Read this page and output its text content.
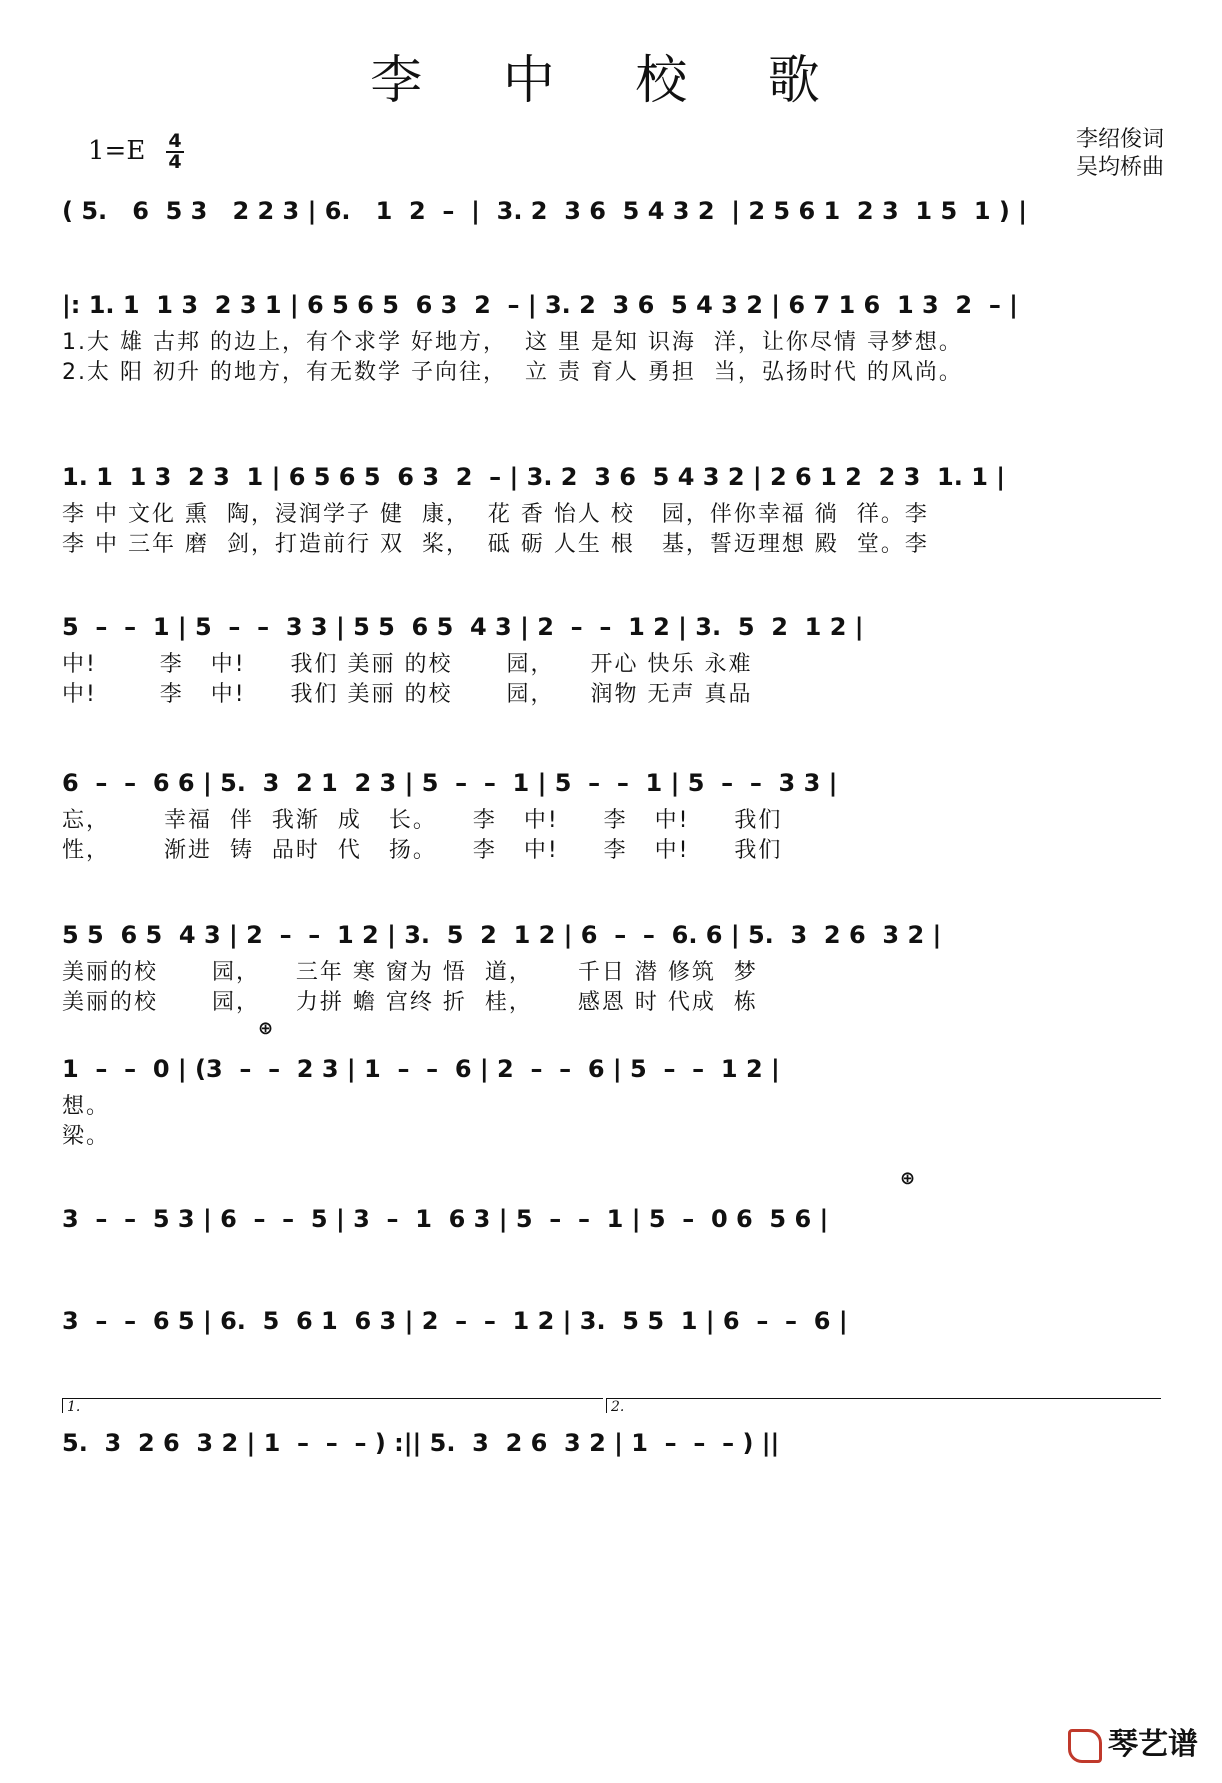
李 中 校 歌
1=E 4
4
李绍俊词
吴均桥曲
( 5.   6  5 3   2 2 3 | 6.   1  2  –  |  3. 2  3 6  5 4 3 2  | 2 5 6 1  2 3  1 5  1 ) |
|: 1. 1  1 3  2 3 1 | 6 5 6 5  6 3  2  – | 3. 2  3 6  5 4 3 2 | 6 7 1 6  1 3  2  – |
1.大 雄 古邦 的边上，有个求学 好地方，  这 里 是知 识海  洋，让你尽情 寻梦想。
2.太 阳 初升 的地方，有无数学 子向往，  立 责 育人 勇担  当，弘扬时代 的风尚。
1. 1  1 3  2 3  1 | 6 5 6 5  6 3  2  – | 3. 2  3 6  5 4 3 2 | 2 6 1 2  2 3  1. 1 |
李 中 文化 熏  陶，浸润学子 健  康，  花 香 怡人 校   园，伴你幸福 徜  徉。李
李 中 三年 磨  剑，打造前行 双  桨，  砥 砺 人生 根   基，誓迈理想 殿  堂。李
5  –  –  1 | 5  –  –  3 3 | 5 5  6 5  4 3 | 2  –  –  1 2 | 3.  5  2  1 2 |
中!       李   中!     我们 美丽 的校      园，    开心 快乐 永难
中!       李   中!     我们 美丽 的校      园，    润物 无声 真品
6  –  –  6 6 | 5.  3  2 1  2 3 | 5  –  –  1 | 5  –  –  1 | 5  –  –  3 3 |
忘，      幸福  伴  我渐  成   长。    李   中!     李   中!     我们
性，      渐进  铸  品时  代   扬。    李   中!     李   中!     我们
5 5  6 5  4 3 | 2  –  –  1 2 | 3.  5  2  1 2 | 6  –  –  6. 6 | 5.  3  2 6  3 2 |
美丽的校      园，    三年 寒 窗为 悟  道，     千日 潜 修筑  梦
美丽的校      园，    力拼 蟾 宫终 折  桂，     感恩 时 代成  栋
1  –  –  0 | (3  –  –  2 3 | 1  –  –  6 | 2  –  –  6 | 5  –  –  1 2 |
想。
梁。
3  –  –  5 3 | 6  –  –  5 | 3  –  1  6 3 | 5  –  –  1 | 5  –  0 6  5 6 |
3  –  –  6 5 | 6.  5  6 1  6 3 | 2  –  –  1 2 | 3.  5 5  1 | 6  –  –  6 |
5.  3  2 6  3 2 | 1  –  –  – ) :|| 5.  3  2 6  3 2 | 1  –  –  – ) ||
⊕
⊕
1.	2.
琴艺谱
